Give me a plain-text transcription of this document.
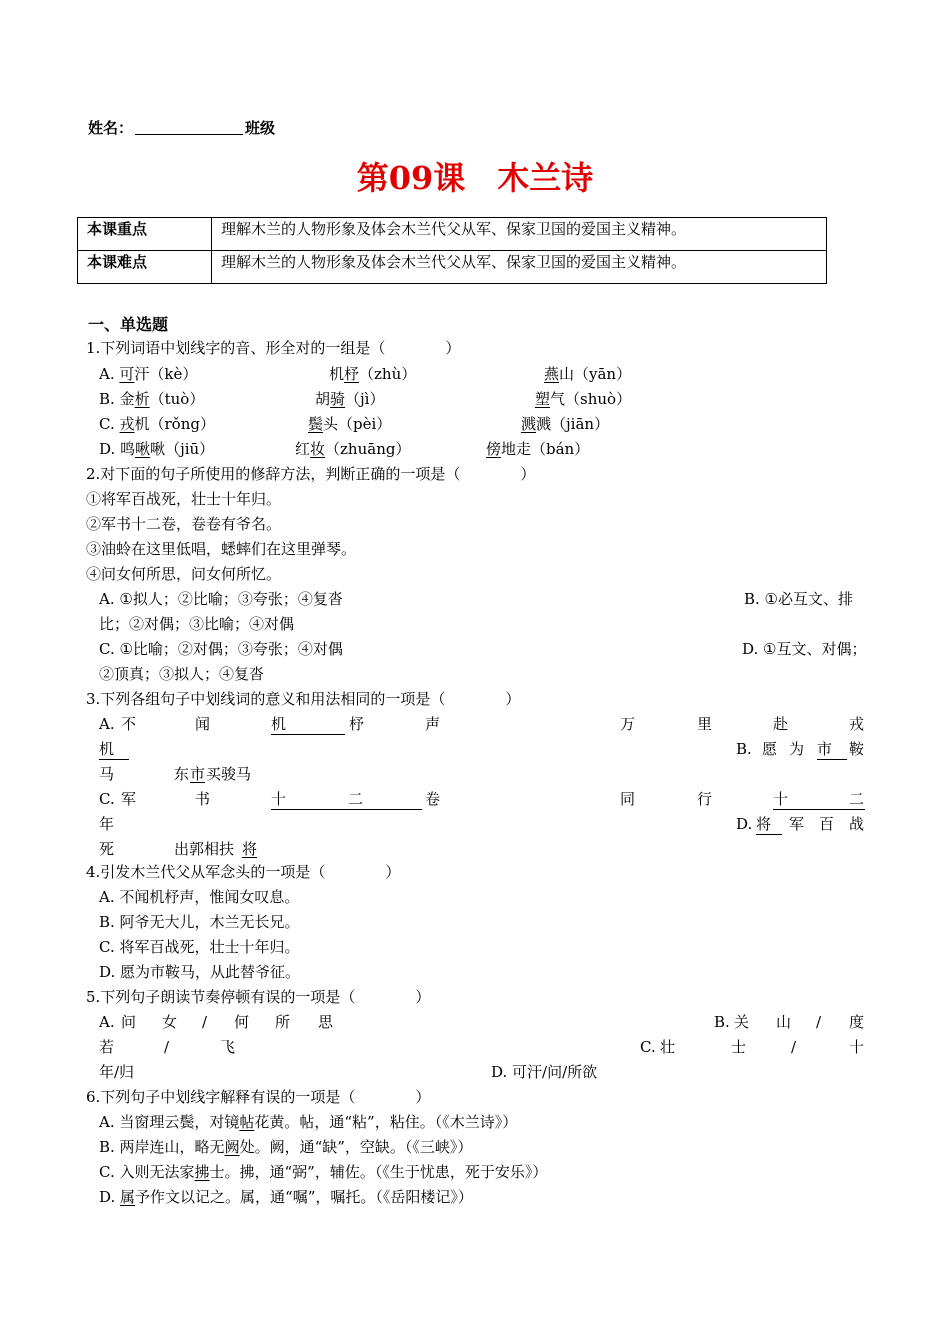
姓名：	班级
第09课　木兰诗
本课重点	理解木兰的人物形象及体会木兰代父从军、保家卫国的爱国主义精神。
本课难点	理解木兰的人物形象及体会木兰代父从军、保家卫国的爱国主义精神。
一、单选题
1.下列词语中划线字的音、形全对的一组是（　　　　）
A. 可汗（kè）	机杼（zhù）	燕山（yān）
B. 金析（tuò）	胡骑（jì）	塑气（shuò）
C. 戎机（rǒng）	鬓头（pèi）	溅溅（jiān）
D. 鸣啾啾（jiū）	红妆（zhuāng）	傍地走（bán）
2.对下面的句子所使用的修辞方法，判断正确的一项是（　　　　）
①将军百战死，壮士十年归。
②军书十二卷，卷卷有爷名。
③油蛉在这里低唱，蟋蟀们在这里弹琴。
④问女何所思，问女何所忆。
A. ①拟人；②比喻；③夸张；④复沓	B. ①必互文、排
比；②对偶；③比喻；④对偶
C. ①比喻；②对偶；③夸张；④对偶	D. ①互文、对偶；
②顶真；③拟人；④复沓
3.下列各组句子中划线词的意义和用法相同的一项是（　　　　）
A. 不	闻	机	杼	声	万	里	赴	戎
机	B. 愿 为 市	鞍
马	东 市 买骏马
C. 军	书	十	二	卷	同	行	十	二
年	D. 将	军 百 战
死	出郭相扶 将
4.引发木兰代父从军念头的一项是（　　　　）
A. 不闻机杼声，惟闻女叹息。
B. 阿爷无大儿，木兰无长兄。
C. 将军百战死，壮士十年归。
D. 愿为市鞍马，从此替爷征。
5.下列句子朗读节奏停顿有误的一项是（　　　　）
A. 问 女 / 何 所 思	B. 关 山 / 度
若	/	飞	C. 壮	士	/	十
年/归	D. 可汗/问/所欲
6.下列句子中划线字解释有误的一项是（　　　　）
A. 当窗理云鬓，对镜帖花黄。帖，通“粘”，粘住。（《木兰诗》）
B. 两岸连山，略无阙处。阙，通“缺”，空缺。（《三峡》）
C. 入则无法家拂士。拂，通“弼”，辅佐。（《生于忧患，死于安乐》）
D. 属予作文以记之。属，通“嘱”，嘱托。（《岳阳楼记》）
